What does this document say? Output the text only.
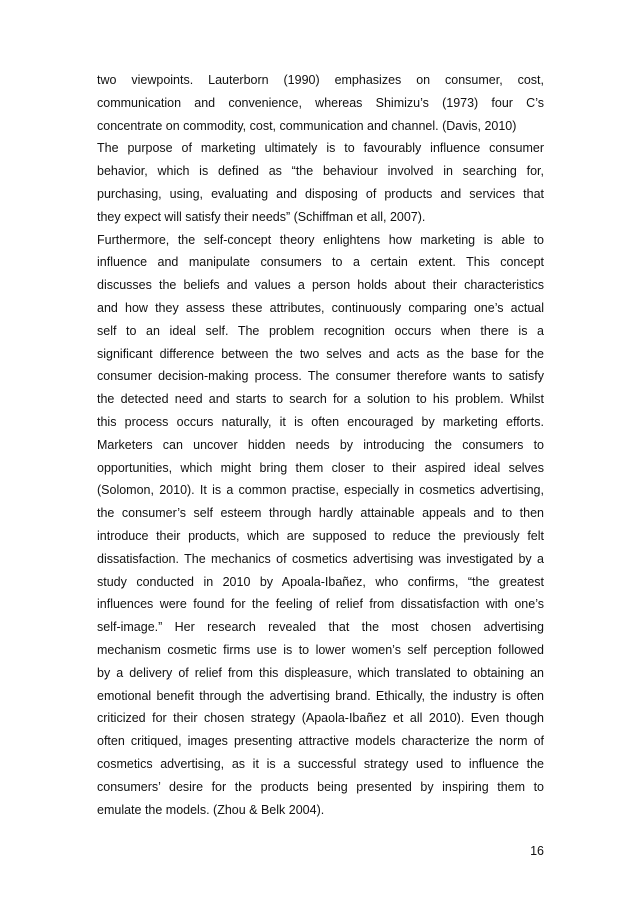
two viewpoints. Lauterborn (1990) emphasizes on consumer, cost,
communication and convenience, whereas Shimizu’s (1973) four C’s
concentrate on commodity, cost, communication and channel. (Davis, 2010)
The purpose of marketing ultimately is to favourably influence consumer
behavior, which is defined as “the behaviour involved in searching for,
purchasing, using, evaluating and disposing of products and services that
they expect will satisfy their needs” (Schiffman et all, 2007).
Furthermore, the self-concept theory enlightens how marketing is able to
influence and manipulate consumers to a certain extent. This concept
discusses the beliefs and values a person holds about their characteristics
and how they assess these attributes, continuously comparing one’s actual
self to an ideal self. The problem recognition occurs when there is a
significant difference between the two selves and acts as the base for the
consumer decision-making process. The consumer therefore wants to satisfy
the detected need and starts to search for a solution to his problem. Whilst
this process occurs naturally, it is often encouraged by marketing efforts.
Marketers can uncover hidden needs by introducing the consumers to
opportunities, which might bring them closer to their aspired ideal selves
(Solomon, 2010). It is a common practise, especially in cosmetics advertising,
the consumer’s self esteem through hardly attainable appeals and to then
introduce their products, which are supposed to reduce the previously felt
dissatisfaction. The mechanics of cosmetics advertising was investigated by a
study conducted in 2010 by Apoala-Ibañez, who confirms, “the greatest
influences were found for the feeling of relief from dissatisfaction with one’s
self-image.” Her research revealed that the most chosen advertising
mechanism cosmetic firms use is to lower women’s self perception followed
by a delivery of relief from this displeasure, which translated to obtaining an
emotional benefit through the advertising brand. Ethically, the industry is often
criticized for their chosen strategy (Apaola-Ibañez et all 2010). Even though
often critiqued, images presenting attractive models characterize the norm of
cosmetics advertising, as it is a successful strategy used to influence the
consumers’ desire for the products being presented by inspiring them to
emulate the models. (Zhou & Belk 2004).
16
